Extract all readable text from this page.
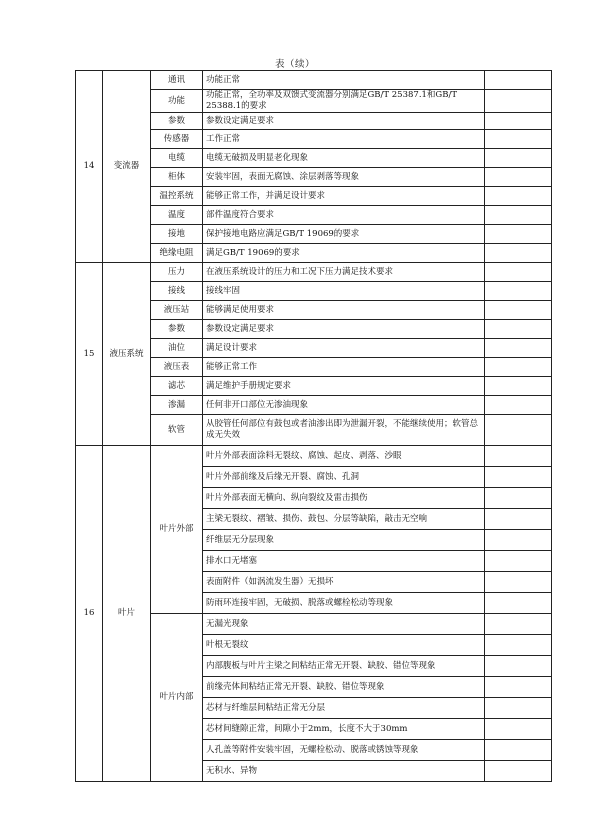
表（续）
14	变流器	通讯	功能正常	
		功能	功能正常，全功率及双馈式变流器分别满足GB/T 25387.1和GB/T 25388.1的要求	
		参数	参数设定满足要求	
		传感器	工作正常	
		电缆	电缆无破损及明显老化现象	
		柜体	安装牢固，表面无腐蚀、涂层剥落等现象	
		温控系统	能够正常工作，并满足设计要求	
		温度	部件温度符合要求	
		接地	保护接地电路应满足GB/T 19069的要求	
		绝缘电阻	满足GB/T 19069的要求	
15	液压系统	压力	在液压系统设计的压力和工况下压力满足技术要求	
		接线	接线牢固	
		液压站	能够满足使用要求	
		参数	参数设定满足要求	
		油位	满足设计要求	
		液压表	能够正常工作	
		滤芯	满足维护手册规定要求	
		渗漏	任何非开口部位无渗油现象	
		软管	从胶管任何部位有鼓包或者油渗出即为泄漏开裂，不能继续使用；软管总成无失效	
16	叶片	叶片外部	叶片外部表面涂料无裂纹、腐蚀、起皮、剥落、沙眼	
			叶片外部前缘及后缘无开裂、腐蚀、孔洞	
			叶片外部表面无横向、纵向裂纹及雷击损伤	
			主梁无裂纹、褶皱、损伤、鼓包、分层等缺陷，敲击无空响	
			纤维层无分层现象	
			排水口无堵塞	
			表面附件（如涡流发生器）无损坏	
			防雨环连接牢固，无破损、脱落或螺栓松动等现象	
		叶片内部	无漏光现象	
			叶根无裂纹	
			内部腹板与叶片主梁之间粘结正常无开裂、缺胶、错位等现象	
			前缘壳体间粘结正常无开裂、缺胶、错位等现象	
			芯材与纤维层间粘结正常无分层	
			芯材间缝隙正常，间隙小于2mm，长度不大于30mm	
			人孔盖等附件安装牢固，无螺栓松动、脱落或锈蚀等现象	
			无积水、异物	
